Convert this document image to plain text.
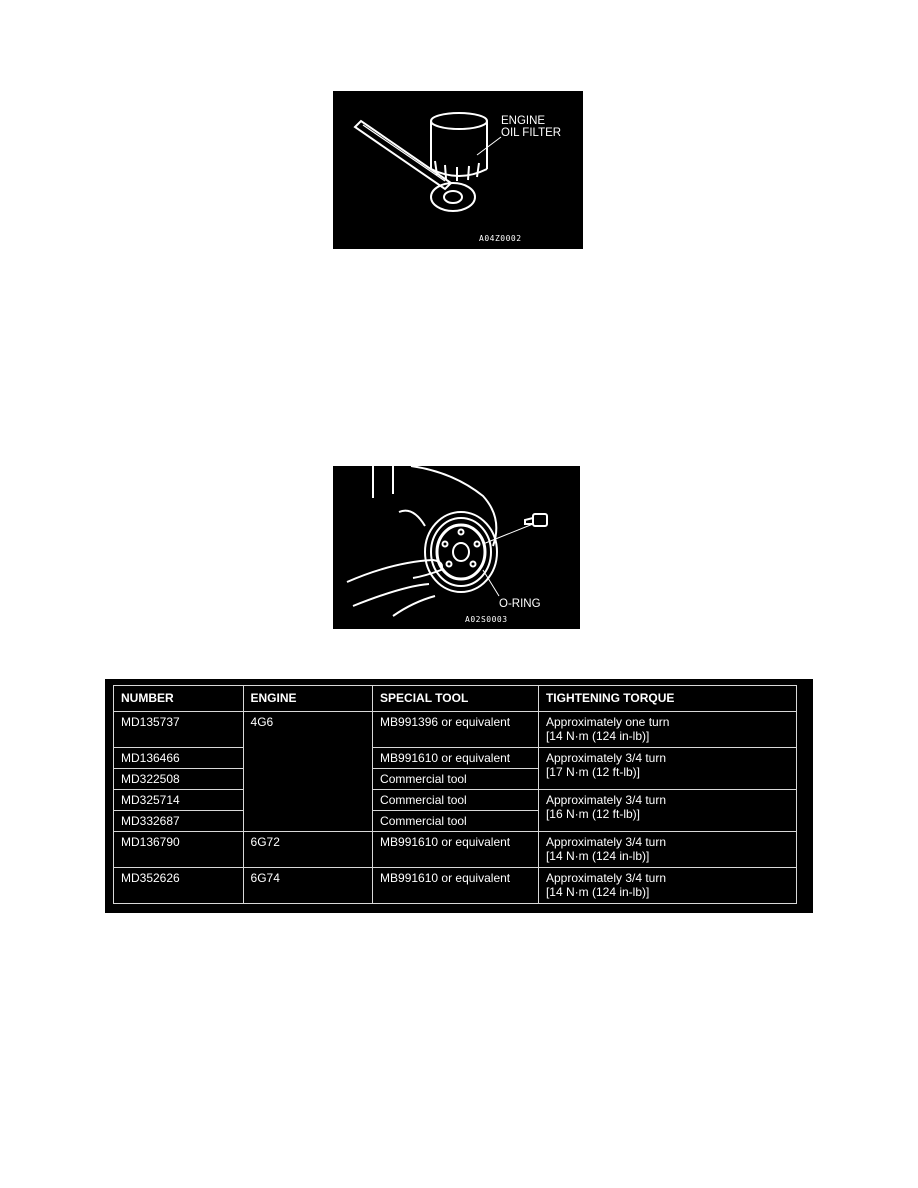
ENGINE
OIL FILTER
A04Z0002
O-RING
A02S0003
NUMBER	ENGINE	SPECIAL TOOL	TIGHTENING TORQUE
MD135737	4G6	MB991396 or equivalent	Approximately one turn
[14 N·m (124 in-lb)]

MD136466		MB991610 or equivalent	Approximately 3/4 turn
[17 N·m (12 ft-lb)]

MD322508		Commercial tool	
MD325714		Commercial tool	Approximately 3/4 turn
[16 N·m (12 ft-lb)]

MD332687		Commercial tool	
MD136790	6G72	MB991610 or equivalent	Approximately 3/4 turn
[14 N·m (124 in-lb)]

MD352626	6G74	MB991610 or equivalent	Approximately 3/4 turn
[14 N·m (124 in-lb)]
